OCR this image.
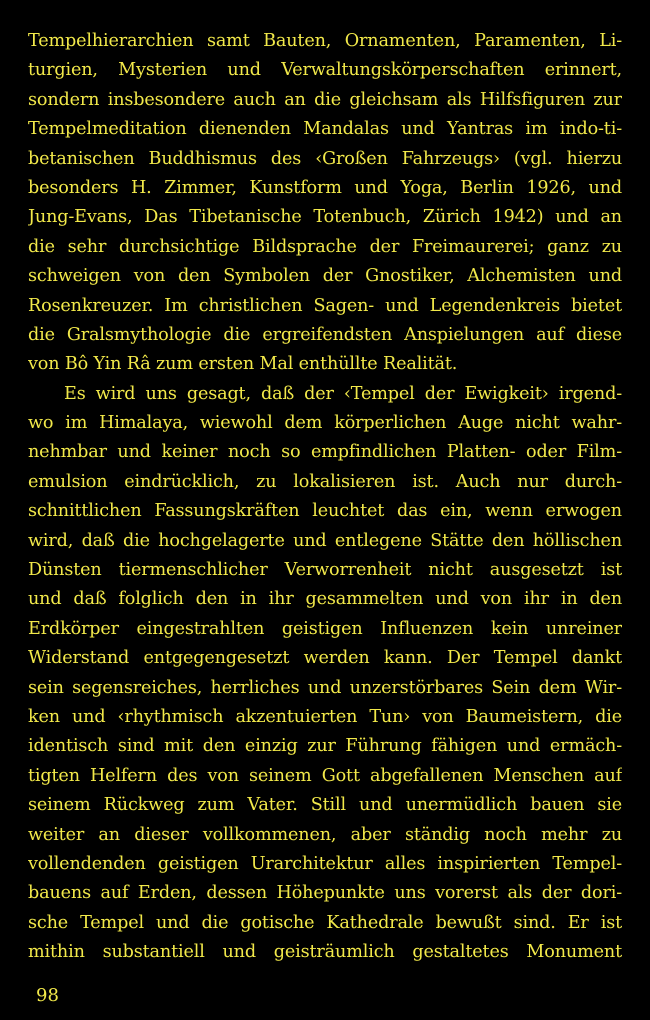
Tempelhierarchien samt Bauten, Ornamenten, Paramenten, Li-
turgien, Mysterien und Verwaltungskörperschaften erinnert,
sondern insbesondere auch an die gleichsam als Hilfsfiguren zur
Tempelmeditation dienenden Mandalas und Yantras im indo-ti-
betanischen Buddhismus des ‹Großen Fahrzeugs› (vgl. hierzu
besonders H. Zimmer, Kunstform und Yoga, Berlin 1926, und
Jung-Evans, Das Tibetanische Totenbuch, Zürich 1942) und an
die sehr durchsichtige Bildsprache der Freimaurerei; ganz zu
schweigen von den Symbolen der Gnostiker, Alchemisten und
Rosenkreuzer. Im christlichen Sagen- und Legendenkreis bietet
die Gralsmythologie die ergreifendsten Anspielungen auf diese
von Bô Yin Râ zum ersten Mal enthüllte Realität.
Es wird uns gesagt, daß der ‹Tempel der Ewigkeit› irgend-
wo im Himalaya, wiewohl dem körperlichen Auge nicht wahr-
nehmbar und keiner noch so empfindlichen Platten- oder Film-
emulsion eindrücklich, zu lokalisieren ist. Auch nur durch-
schnittlichen Fassungskräften leuchtet das ein, wenn erwogen
wird, daß die hochgelagerte und entlegene Stätte den höllischen
Dünsten tiermenschlicher Verworrenheit nicht ausgesetzt ist
und daß folglich den in ihr gesammelten und von ihr in den
Erdkörper eingestrahlten geistigen Influenzen kein unreiner
Widerstand entgegengesetzt werden kann. Der Tempel dankt
sein segensreiches, herrliches und unzerstörbares Sein dem Wir-
ken und ‹rhythmisch akzentuierten Tun› von Baumeistern, die
identisch sind mit den einzig zur Führung fähigen und ermäch-
tigten Helfern des von seinem Gott abgefallenen Menschen auf
seinem Rückweg zum Vater. Still und unermüdlich bauen sie
weiter an dieser vollkommenen, aber ständig noch mehr zu
vollendenden geistigen Urarchitektur alles inspirierten Tempel-
bauens auf Erden, dessen Höhepunkte uns vorerst als der dori-
sche Tempel und die gotische Kathedrale bewußt sind. Er ist
mithin substantiell und geisträumlich gestaltetes Monument
98
